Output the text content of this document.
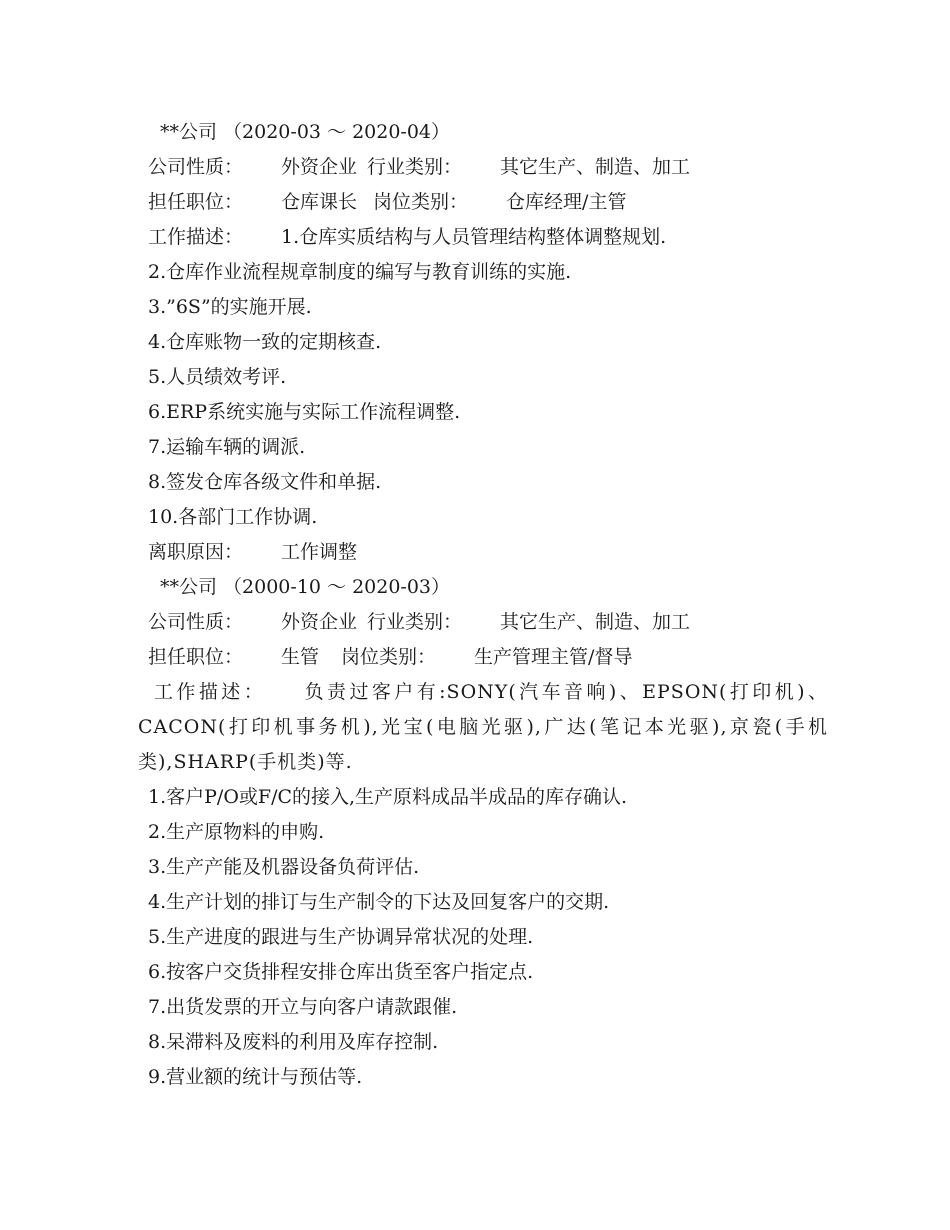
**公司 （2020-03 ～ 2020-04）

公司性质： 外资企业 行业类别： 其它生产、制造、加工

担任职位： 仓库课长 岗位类别： 仓库经理/主管

工作描述： 1.仓库实质结构与人员管理结构整体调整规划.

2.仓库作业流程规章制度的编写与教育训练的实施.

3.”6S”的实施开展.

4.仓库账物一致的定期核查.

5.人员绩效考评.

6.ERP系统实施与实际工作流程调整.

7.运输车辆的调派.

8.签发仓库各级文件和单据.

10.各部门工作协调.

离职原因： 工作调整

**公司 （2000-10 ～ 2020-03）

公司性质： 外资企业 行业类别： 其它生产、制造、加工

担任职位： 生管 岗位类别： 生产管理主管/督导

工作描述： 负责过客户有:SONY(汽车音响)、EPSON(打印机)、CACON(打印机事务机),光宝(电脑光驱),广达(笔记本光驱),京瓷(手机类),SHARP(手机类)等.

1.客户P/O或F/C的接入,生产原料成品半成品的库存确认.

2.生产原物料的申购.

3.生产产能及机器设备负荷评估.

4.生产计划的排订与生产制令的下达及回复客户的交期.

5.生产进度的跟进与生产协调异常状况的处理.

6.按客户交货排程安排仓库出货至客户指定点.

7.出货发票的开立与向客户请款跟催.

8.呆滞料及废料的利用及库存控制.

9.营业额的统计与预估等.
